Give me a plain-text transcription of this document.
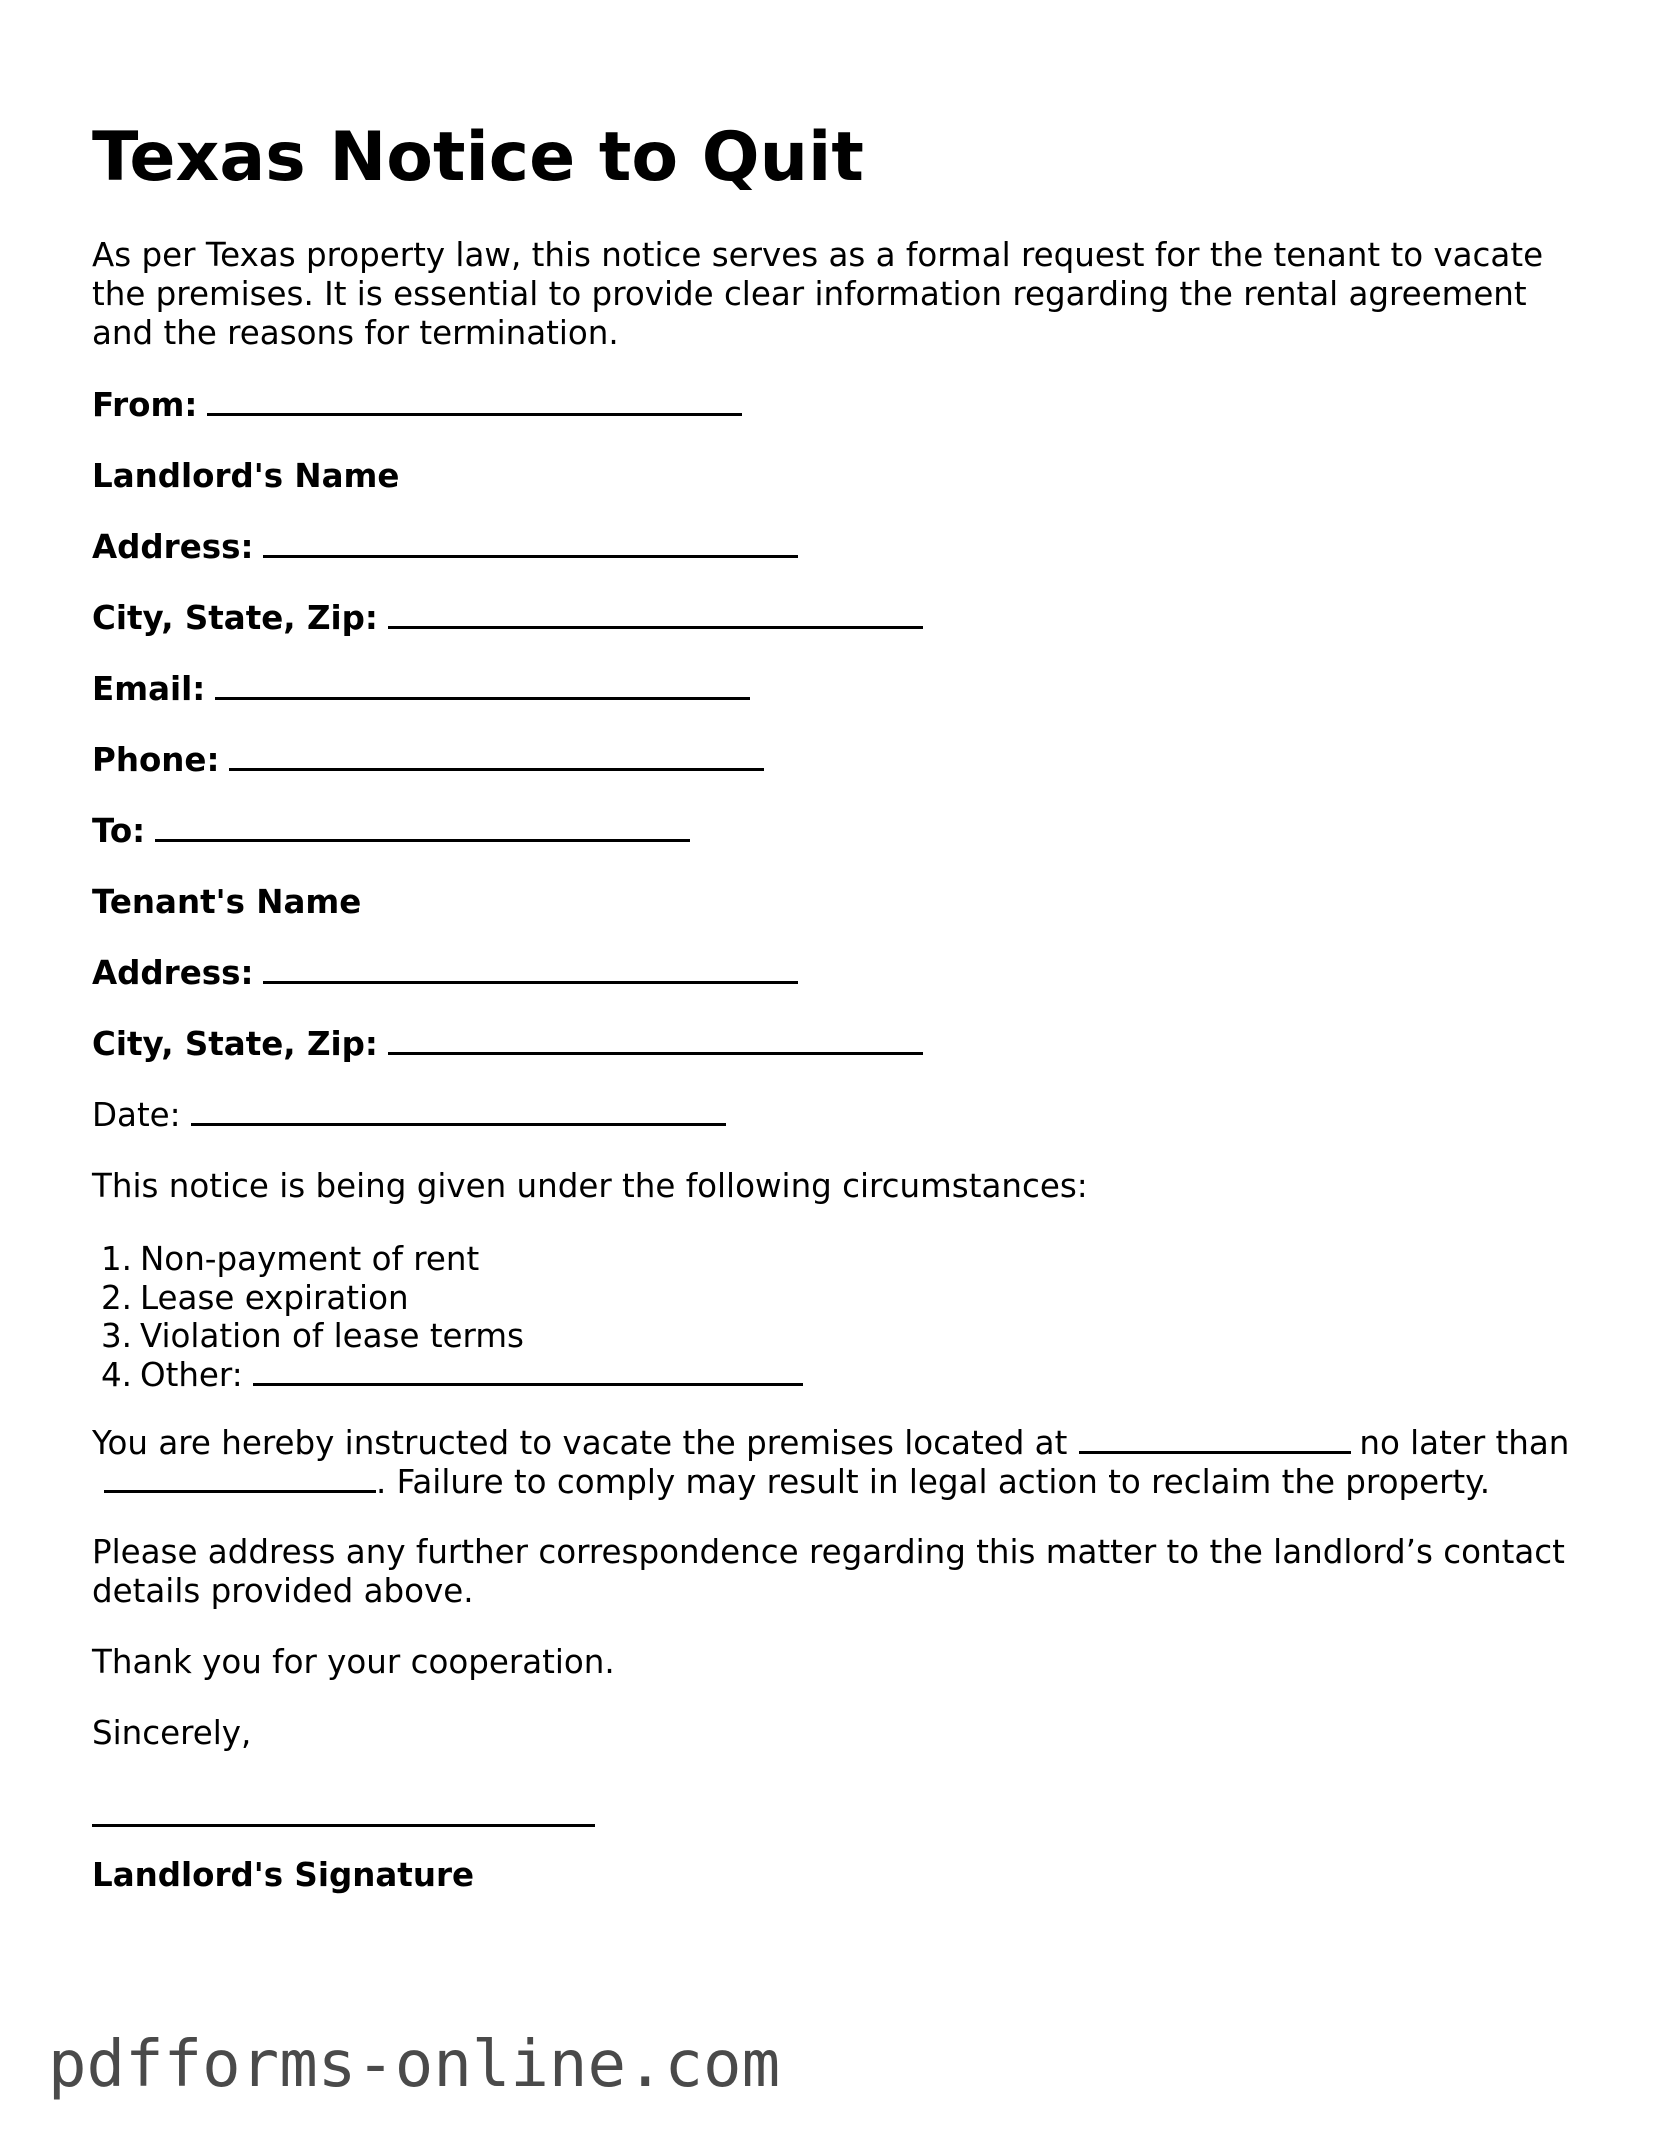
Texas Notice to Quit

As per Texas property law, this notice serves as a formal request for the tenant to vacate the premises. It is essential to provide clear information regarding the rental agreement and the reasons for termination.

From:

Landlord's Name

Address:

City, State, Zip:

Email:

Phone:

To:

Tenant's Name

Address:

City, State, Zip:

Date:

This notice is being given under the following circumstances:

1. Non-payment of rent
2. Lease expiration
3. Violation of lease terms
4. Other:

You are hereby instructed to vacate the premises located at	no later than. Failure to comply may result in legal action to reclaim the property.

Please address any further correspondence regarding this matter to the landlord’s contact details provided above.

Thank you for your cooperation.

Sincerely,

Landlord's Signature

pdfforms-online.com
